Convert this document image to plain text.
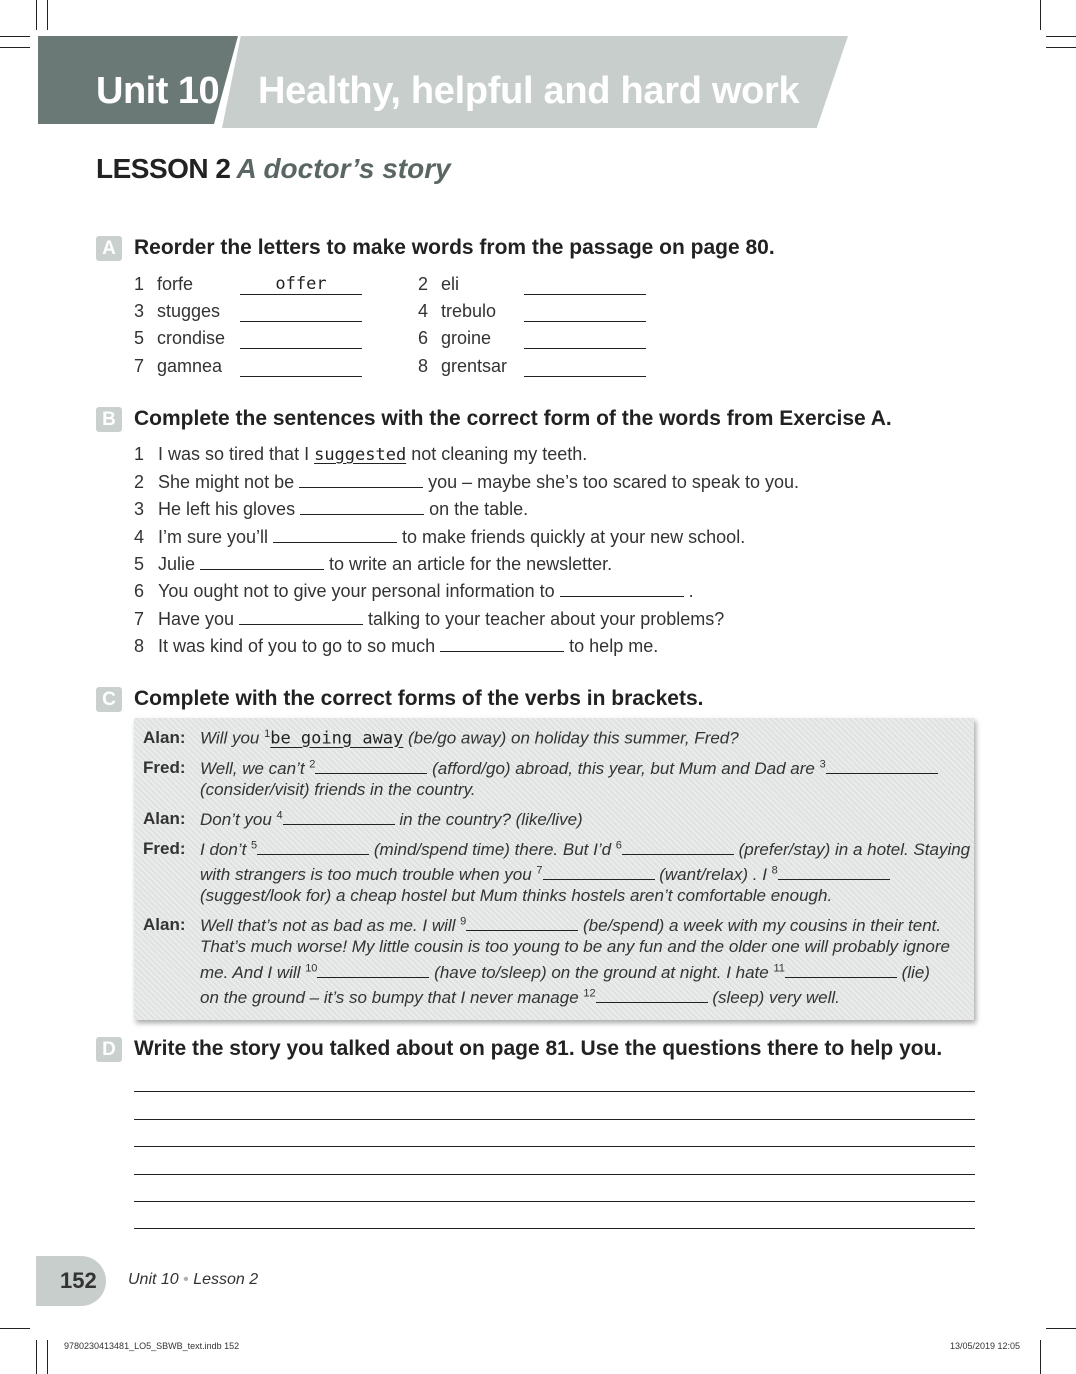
Unit 10 Healthy, helpful and hard work
LESSON 2 A doctor’s story
A Reorder the letters to make words from the passage on page 80.
1 forfe	offer	2 eli
3 stugges	4 trebulo
5 crondise	6 groine
7 gamnea	8 grentsar
B Complete the sentences with the correct form of the words from Exercise A.
1 I was so tired that I suggested not cleaning my teeth.
2 She might not be	you – maybe she’s too scared to speak to you.
3 He left his gloves	on the table.
4 I’m sure you’ll	to make friends quickly at your new school.
5 Julie	to write an article for the newsletter.
6 You ought not to give your personal information to	.
7 Have you	talking to your teacher about your problems?
8 It was kind of you to go to so much	to help me.
C Complete with the correct forms of the verbs in brackets.
Alan: Will you $^1$be going away (be/go away) on holiday this summer, Fred?
Fred: Well, we can’t $^2$	(afford/go) abroad, this year, but Mum and Dad are $^3$
(consider/visit) friends in the country.
Alan: Don’t you $^4$	in the country? (like/live)
Fred: I don’t $^5$	(mind/spend time) there. But I’d $^6$	(prefer/stay) in a hotel. Staying
with strangers is too much trouble when you $^7$	(want/relax) . I $^8$
(suggest/look for) a cheap hostel but Mum thinks hostels aren’t comfortable enough.
Alan: Well that’s not as bad as me. I will $^9$	(be/spend) a week with my cousins in their tent.
That’s much worse! My little cousin is too young to be any fun and the older one will probably ignore
me. And I will $^{10}$	(have to/sleep) on the ground at night. I hate $^{11}$	(lie)
on the ground – it’s so bumpy that I never manage $^{12}$	(sleep) very well.
D Write the story you talked about on page 81. Use the questions there to help you.
152 Unit 10 • Lesson 2
9780230413481_LO5_SBWB_text.indb 152	13/05/2019 12:05
